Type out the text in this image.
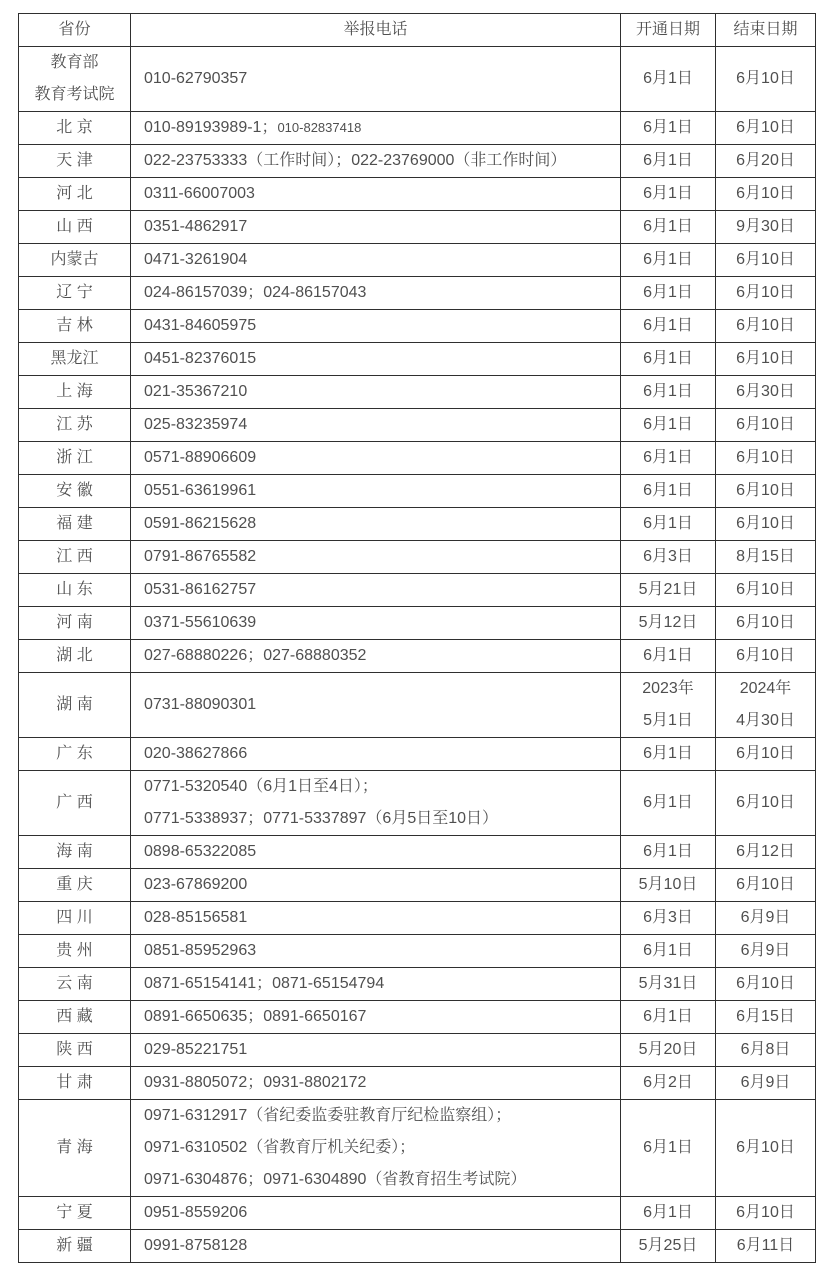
省份	举报电话	开通日期	结束日期

教育部
教育考试院	010-62790357	6月1日	6月10日

北 京	010-89193989-1；010-82837418	6月1日	6月10日

天 津	022-23753333（工作时间）；022-23769000（非工作时间）	6月1日	6月20日

河 北	0311-66007003	6月1日	6月10日

山 西	0351-4862917	6月1日	9月30日

内蒙古	0471-3261904	6月1日	6月10日

辽 宁	024-86157039；024-86157043	6月1日	6月10日

吉 林	0431-84605975	6月1日	6月10日

黑龙江	0451-82376015	6月1日	6月10日

上 海	021-35367210	6月1日	6月30日

江 苏	025-83235974	6月1日	6月10日

浙 江	0571-88906609	6月1日	6月10日

安 徽	0551-63619961	6月1日	6月10日

福 建	0591-86215628	6月1日	6月10日

江 西	0791-86765582	6月3日	8月15日

山 东	0531-86162757	5月21日	6月10日

河 南	0371-55610639	5月12日	6月10日

湖 北	027-68880226；027-68880352	6月1日	6月10日

湖 南	0731-88090301	2023年
5月1日	2024年
4月30日

广 东	020-38627866	6月1日	6月10日

广 西	0771-5320540（6月1日至4日）；
0771-5338937；0771-5337897（6月5日至10日）	6月1日	6月10日

海 南	0898-65322085	6月1日	6月12日

重 庆	023-67869200	5月10日	6月10日

四 川	028-85156581	6月3日	6月9日

贵 州	0851-85952963	6月1日	6月9日

云 南	0871-65154141；0871-65154794	5月31日	6月10日

西 藏	0891-6650635；0891-6650167	6月1日	6月15日

陕 西	029-85221751	5月20日	6月8日

甘 肃	0931-8805072；0931-8802172	6月2日	6月9日

青 海	0971-6312917（省纪委监委驻教育厅纪检监察组）；
0971-6310502（省教育厅机关纪委）；
0971-6304876；0971-6304890（省教育招生考试院）	6月1日	6月10日

宁 夏	0951-8559206	6月1日	6月10日

新 疆	0991-8758128	5月25日	6月11日
